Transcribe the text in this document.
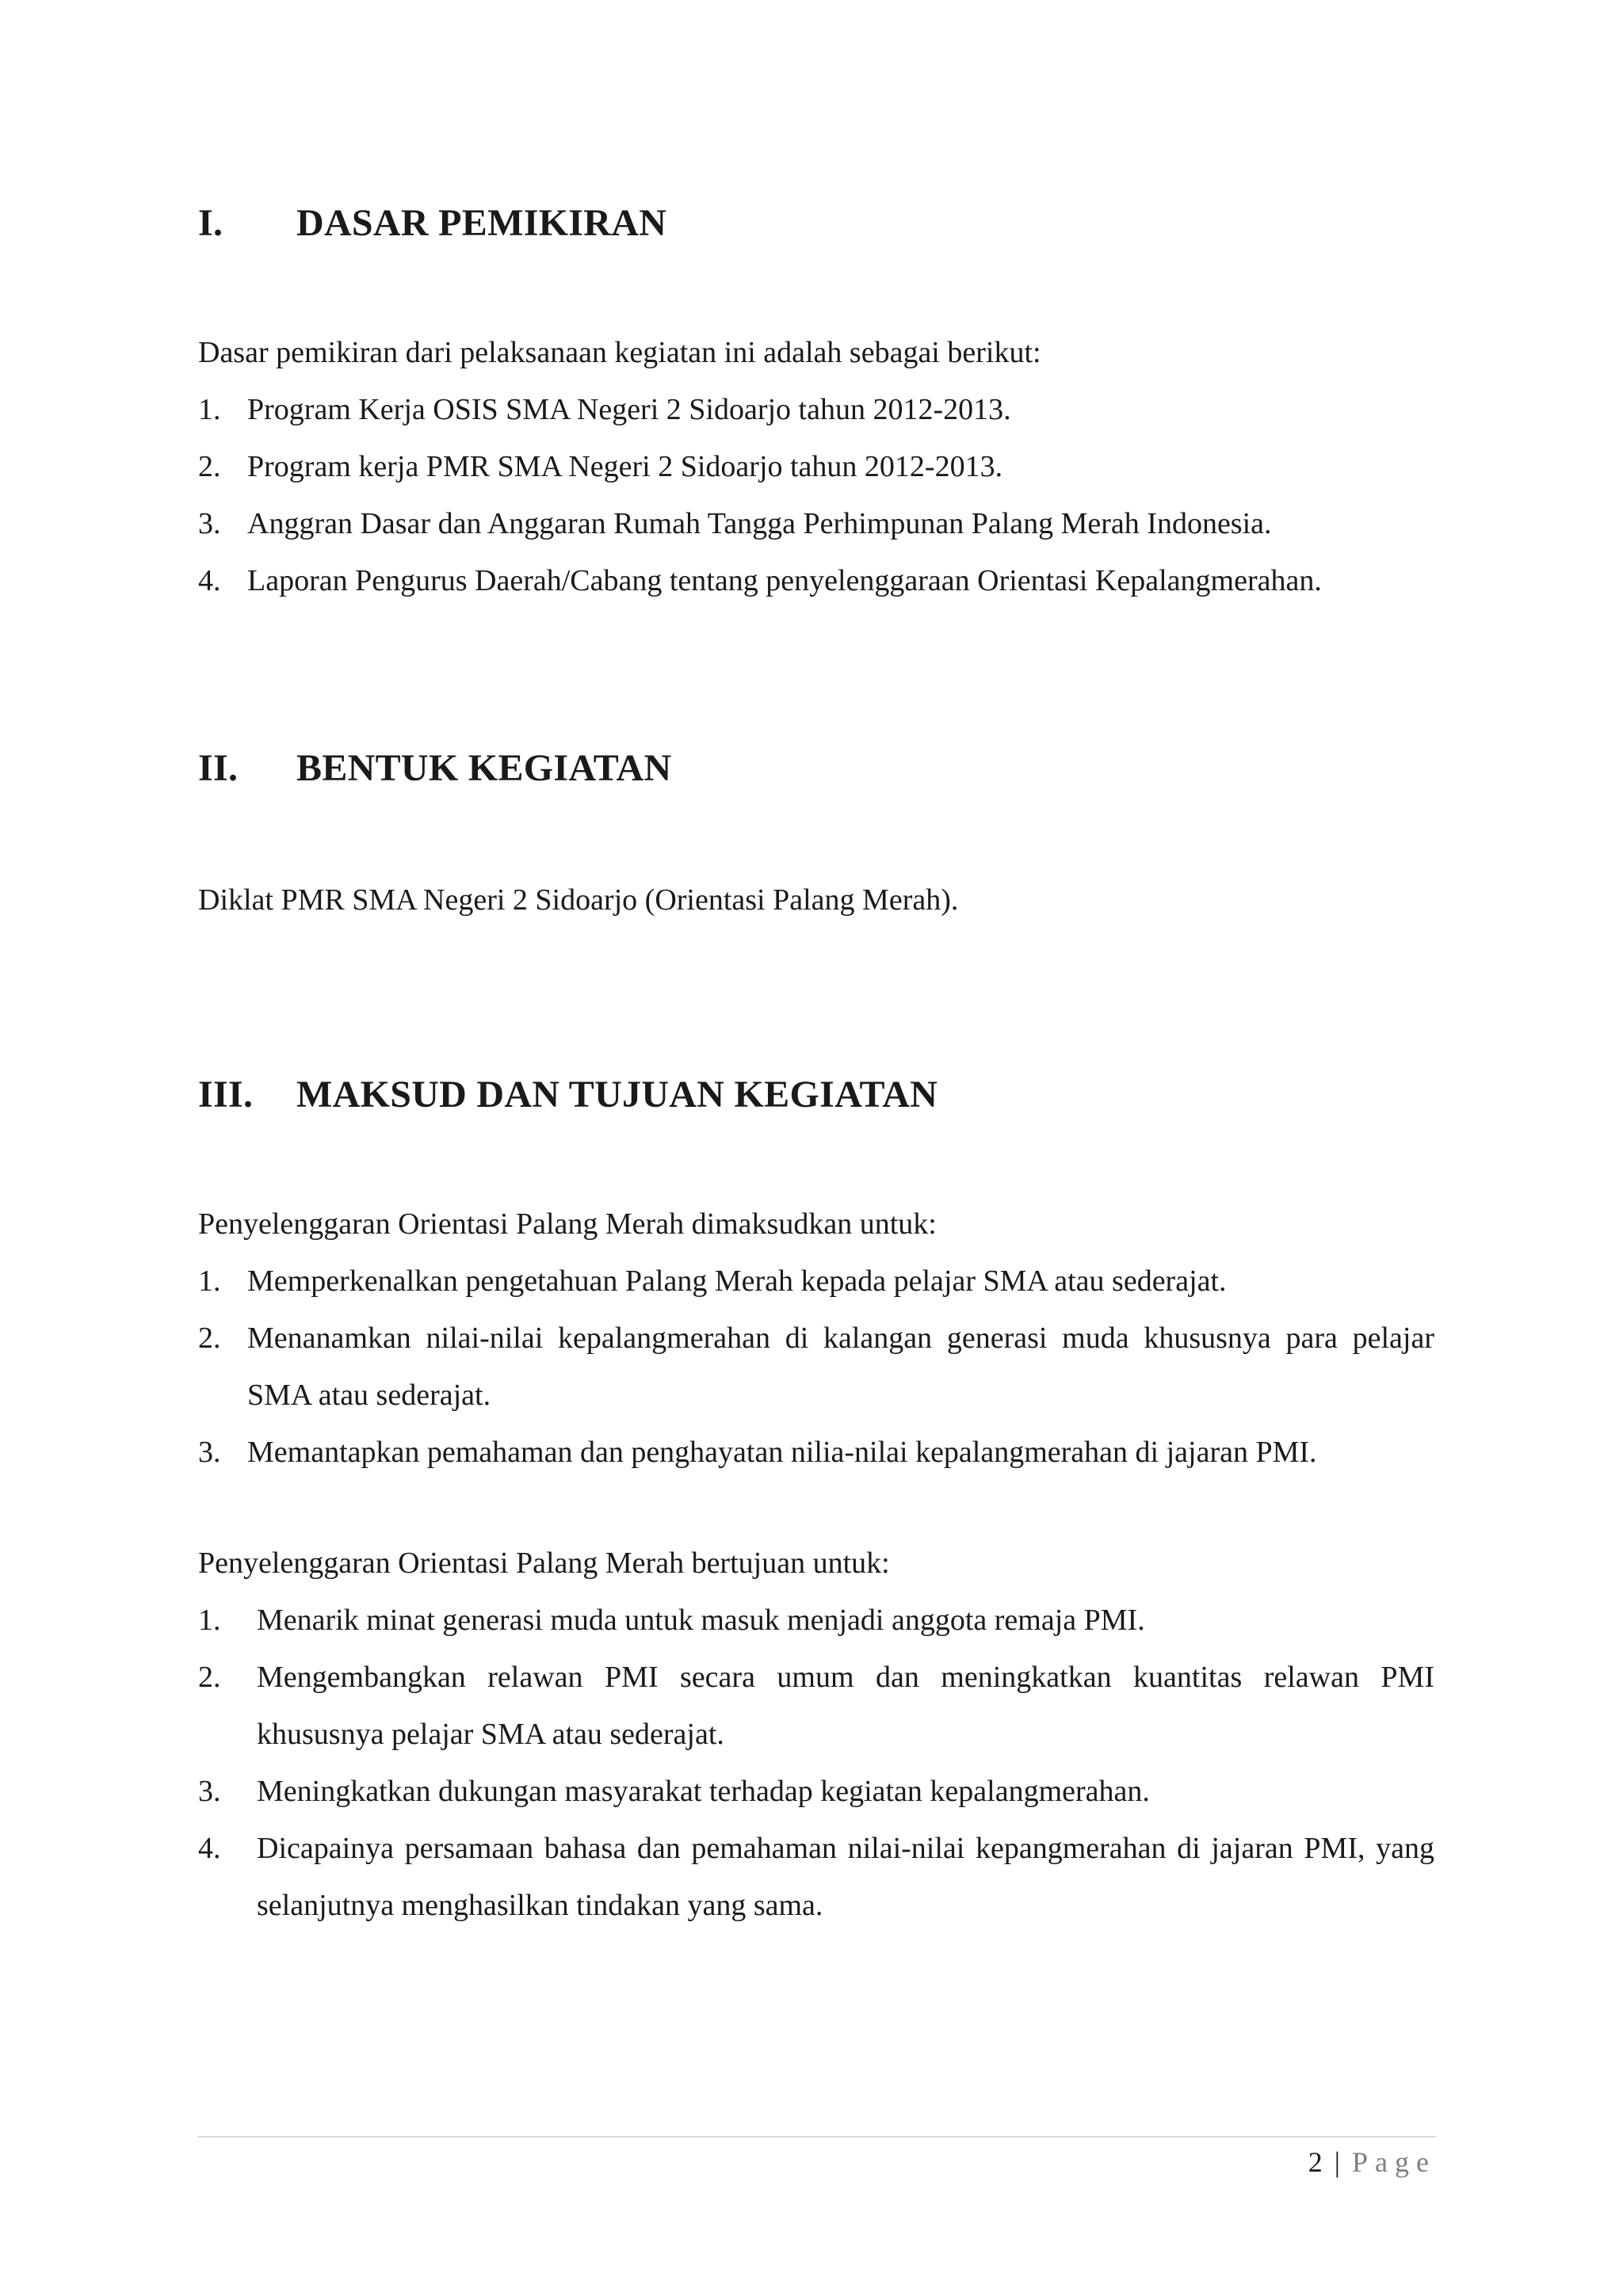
I. DASAR PEMIKIRAN
Dasar pemikiran dari pelaksanaan kegiatan ini adalah sebagai berikut:
1. Program Kerja OSIS SMA Negeri 2 Sidoarjo tahun 2012-2013.
2. Program kerja PMR SMA Negeri 2 Sidoarjo tahun 2012-2013.
3. Anggran Dasar dan Anggaran Rumah Tangga Perhimpunan Palang Merah Indonesia.
4. Laporan Pengurus Daerah/Cabang tentang penyelenggaraan Orientasi Kepalangmerahan.
II. BENTUK KEGIATAN
Diklat PMR SMA Negeri 2 Sidoarjo (Orientasi Palang Merah).
III. MAKSUD DAN TUJUAN KEGIATAN
Penyelenggaran Orientasi Palang Merah dimaksudkan untuk:
1. Memperkenalkan pengetahuan Palang Merah kepada pelajar SMA atau sederajat.
2. Menanamkan nilai-nilai kepalangmerahan di kalangan generasi muda khususnya para pelajar SMA atau sederajat.
3. Memantapkan pemahaman dan penghayatan nilia-nilai kepalangmerahan di jajaran PMI.
Penyelenggaran Orientasi Palang Merah bertujuan untuk:
1. Menarik minat generasi muda untuk masuk menjadi anggota remaja PMI.
2. Mengembangkan relawan PMI secara umum dan meningkatkan kuantitas relawan PMI khususnya pelajar SMA atau sederajat.
3. Meningkatkan dukungan masyarakat terhadap kegiatan kepalangmerahan.
4. Dicapainya persamaan bahasa dan pemahaman nilai-nilai kepangmerahan di jajaran PMI, yang selanjutnya menghasilkan tindakan yang sama.
2 | Page
